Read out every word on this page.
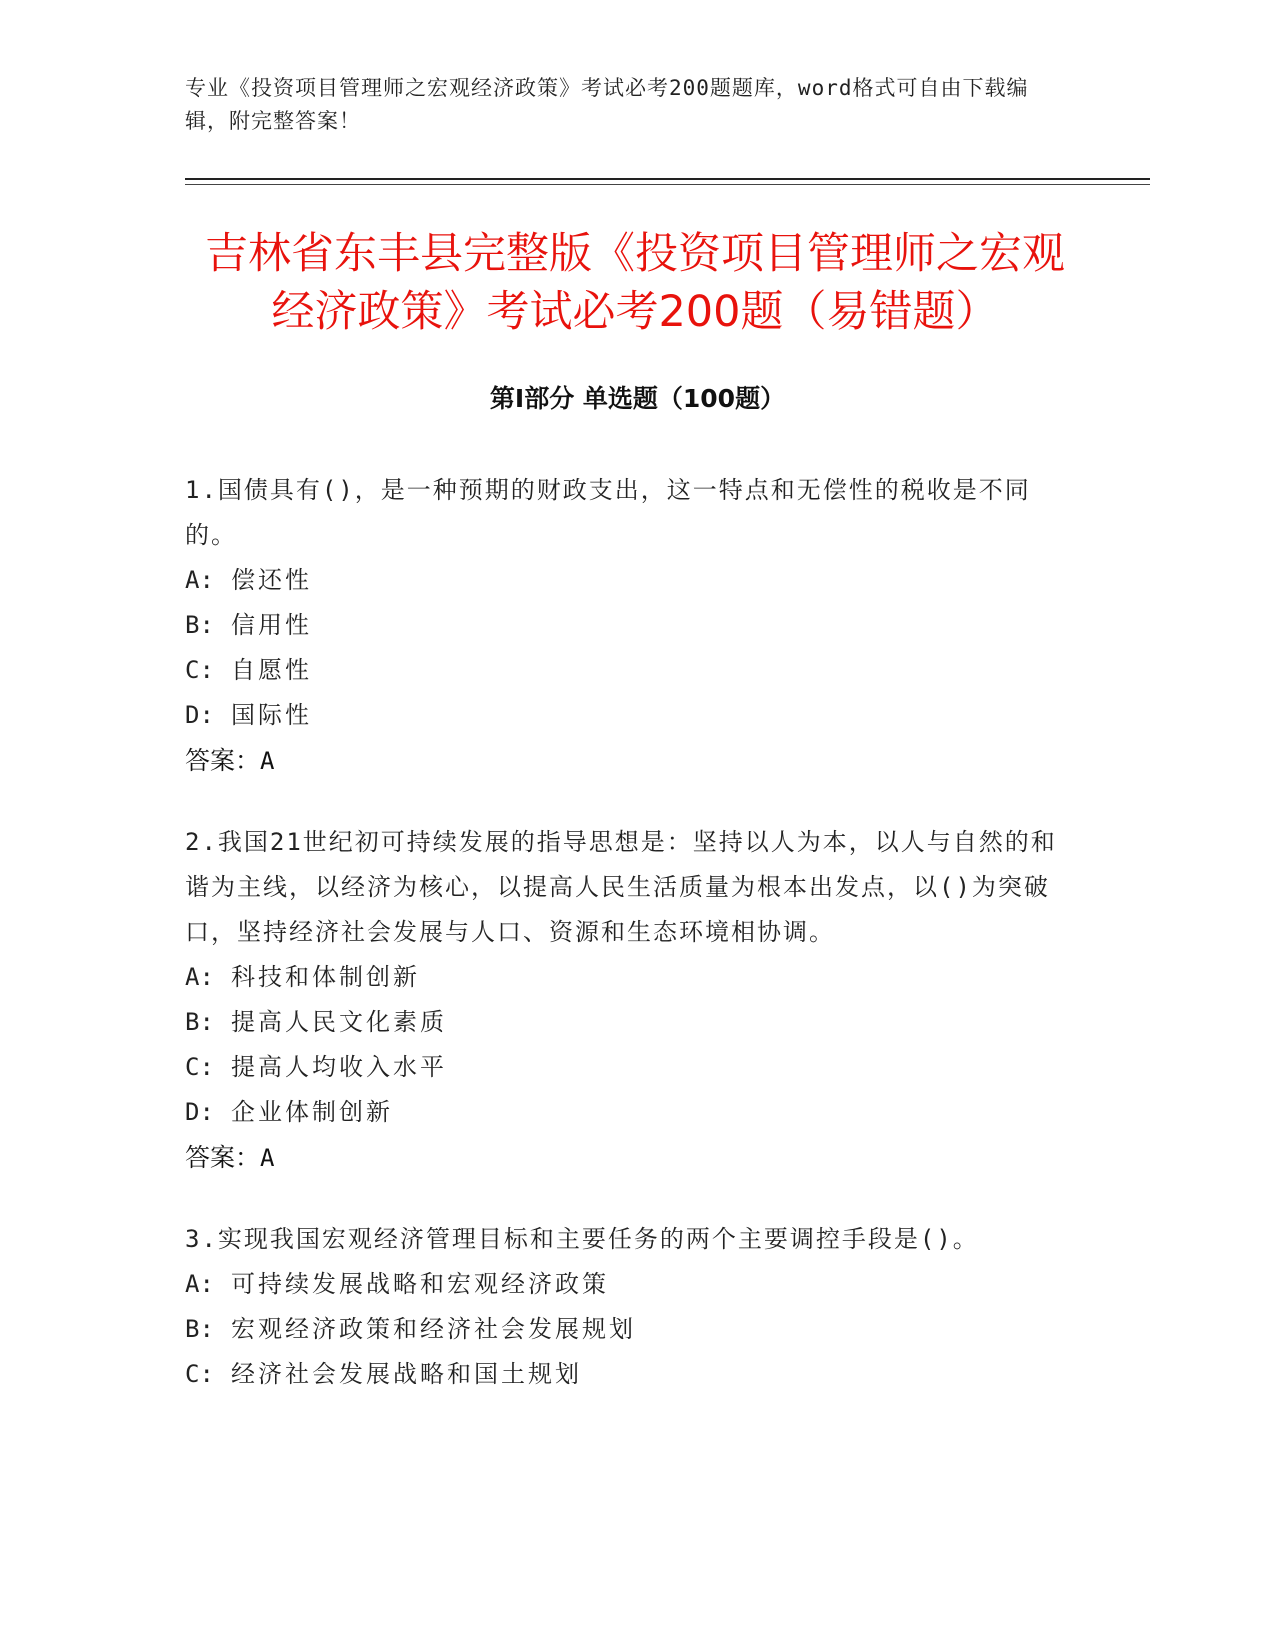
专业《投资项目管理师之宏观经济政策》考试必考200题题库，word格式可自由下载编辑，附完整答案！
吉林省东丰县完整版《投资项目管理师之宏观经济政策》考试必考200题（易错题）
第I部分 单选题（100题）
1.国债具有()，是一种预期的财政支出，这一特点和无偿性的税收是不同的。
A: 偿还性
B: 信用性
C: 自愿性
D: 国际性
答案：A
2.我国21世纪初可持续发展的指导思想是：坚持以人为本，以人与自然的和谐为主线，以经济为核心，以提高人民生活质量为根本出发点，以()为突破口，坚持经济社会发展与人口、资源和生态环境相协调。
A: 科技和体制创新
B: 提高人民文化素质
C: 提高人均收入水平
D: 企业体制创新
答案：A
3.实现我国宏观经济管理目标和主要任务的两个主要调控手段是()。
A: 可持续发展战略和宏观经济政策
B: 宏观经济政策和经济社会发展规划
C: 经济社会发展战略和国土规划
